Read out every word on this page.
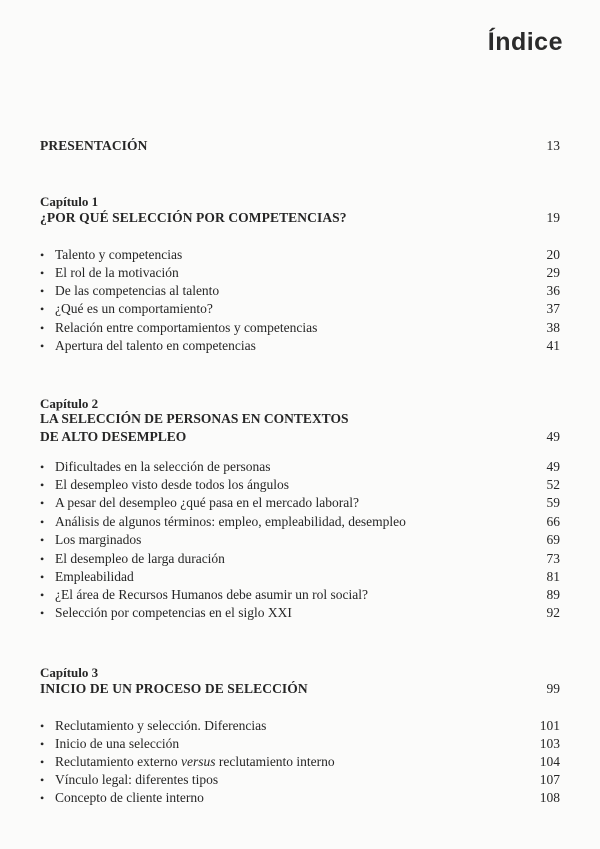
Índice
PRESENTACIÓN	13
Capítulo 1
¿POR QUÉ SELECCIÓN POR COMPETENCIAS?	19
• Talento y competencias	20
• El rol de la motivación	29
• De las competencias al talento	36
• ¿Qué es un comportamiento?	37
• Relación entre comportamientos y competencias	38
• Apertura del talento en competencias	41
Capítulo 2
LA SELECCIÓN DE PERSONAS EN CONTEXTOS
DE ALTO DESEMPLEO	49
• Dificultades en la selección de personas	49
• El desempleo visto desde todos los ángulos	52
• A pesar del desempleo ¿qué pasa en el mercado laboral?	59
• Análisis de algunos términos: empleo, empleabilidad, desempleo	66
• Los marginados	69
• El desempleo de larga duración	73
• Empleabilidad	81
• ¿El área de Recursos Humanos debe asumir un rol social?	89
• Selección por competencias en el siglo XXI	92
Capítulo 3
INICIO DE UN PROCESO DE SELECCIÓN	99
• Reclutamiento y selección. Diferencias	101
• Inicio de una selección	103
• Reclutamiento externo versus reclutamiento interno	104
• Vínculo legal: diferentes tipos	107
• Concepto de cliente interno	108
